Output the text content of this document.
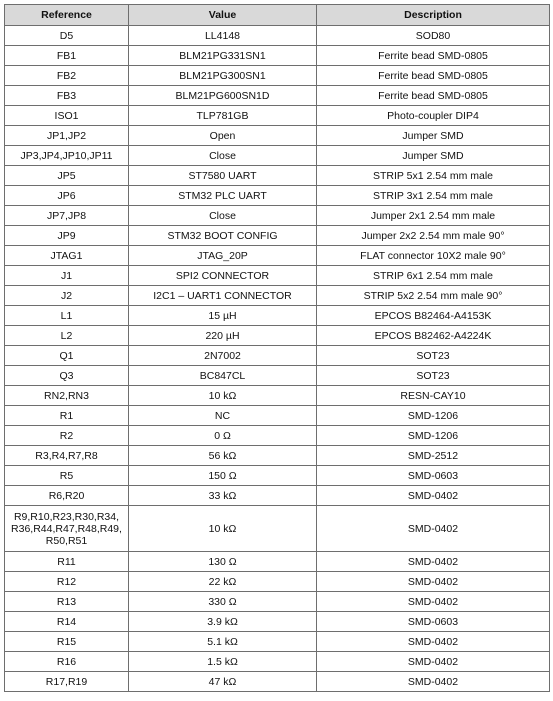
Reference	Value	Description
D5	LL4148	SOD80
FB1	BLM21PG331SN1	Ferrite bead SMD-0805
FB2	BLM21PG300SN1	Ferrite bead SMD-0805
FB3	BLM21PG600SN1D	Ferrite bead SMD-0805
ISO1	TLP781GB	Photo-coupler DIP4
JP1,JP2	Open	Jumper SMD
JP3,JP4,JP10,JP11	Close	Jumper SMD
JP5	ST7580 UART	STRIP 5x1 2.54 mm male
JP6	STM32 PLC UART	STRIP 3x1 2.54 mm male
JP7,JP8	Close	Jumper 2x1 2.54 mm male
JP9	STM32 BOOT CONFIG	Jumper 2x2 2.54 mm male 90°
JTAG1	JTAG_20P	FLAT connector 10X2 male 90°
J1	SPI2 CONNECTOR	STRIP 6x1 2.54 mm male
J2	I2C1 – UART1 CONNECTOR	STRIP 5x2 2.54 mm male 90°
L1	15 µH	EPCOS B82464-A4153K
L2	220 µH	EPCOS B82462-A4224K
Q1	2N7002	SOT23
Q3	BC847CL	SOT23
RN2,RN3	10 kΩ	RESN-CAY10
R1	NC	SMD-1206
R2	0 Ω	SMD-1206
R3,R4,R7,R8	56 kΩ	SMD-2512
R5	150 Ω	SMD-0603
R6,R20	33 kΩ	SMD-0402
R9,R10,R23,R30,R34, R36,R44,R47,R48,R49, R50,R51	10 kΩ	SMD-0402
R11	130 Ω	SMD-0402
R12	22 kΩ	SMD-0402
R13	330 Ω	SMD-0402
R14	3.9 kΩ	SMD-0603
R15	5.1 kΩ	SMD-0402
R16	1.5 kΩ	SMD-0402
R17,R19	47 kΩ	SMD-0402
